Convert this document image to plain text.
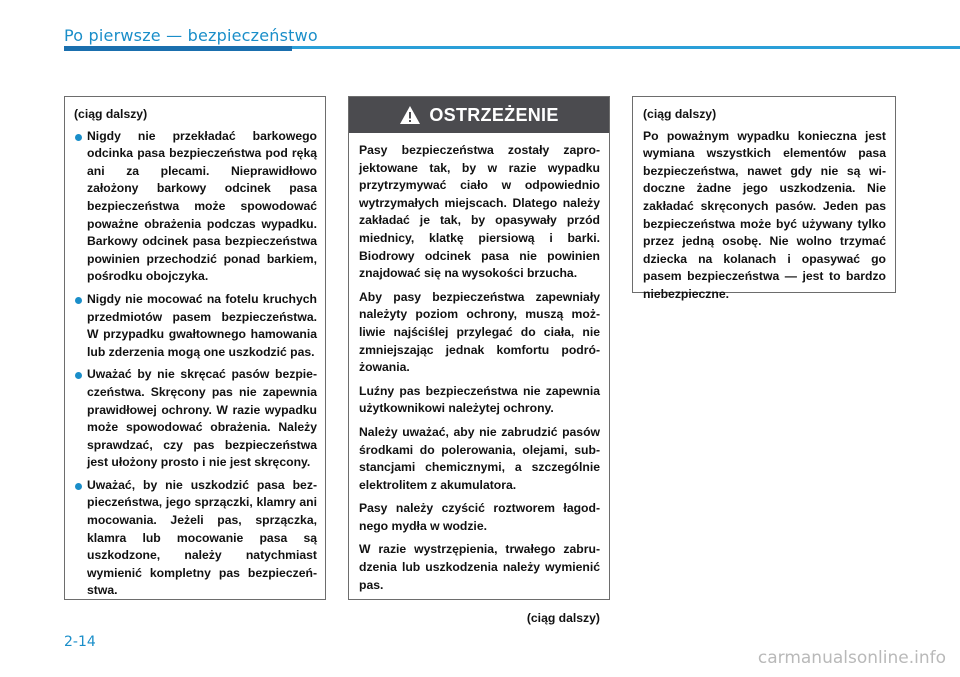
Po pierwsze — bezpieczeństwo

(ciąg dalszy)

Nigdy nie przekładać barkowego odcinka pasa bezpieczeństwa pod ręką ani za plecami. Nieprawidłowo założony barkowy odcinek pasa bezpieczeństwa może spowodować poważne obrażenia podczas wypadku. Barkowy odcinek pasa bezpieczeństwa powinien przechodzić ponad barkiem, pośrodku obojczyka.
Nigdy nie mocować na fotelu kruchych przedmiotów pasem bezpieczeństwa. W przypadku gwałtownego hamowania lub zderzenia mogą one uszkodzić pas.
Uważać by nie skręcać pasów bezpieczeństwa. Skręcony pas nie zapewnia prawidłowej ochrony. W razie wypadku może spowodować obrażenia. Należy sprawdzać, czy pas bezpieczeństwa jest ułożony prosto i nie jest skręcony.
Uważać, by nie uszkodzić pasa bezpieczeństwa, jego sprzączki, klamry ani mocowania. Jeżeli pas, sprzączka, klamra lub mocowanie pasa są uszkodzone, należy natychmiast wymienić kompletny pas bezpieczeństwa.
OSTRZEŻENIE

Pasy bezpieczeństwa zostały zaprojektowane tak, by w razie wypadku przytrzymywać ciało w odpowiednio wytrzymałych miejscach. Dlatego należy zakładać je tak, by opasywały przód miednicy, klatkę piersiową i barki. Biodrowy odcinek pasa nie powinien znajdować się na wysokości brzucha.

Aby pasy bezpieczeństwa zapewniały należyty poziom ochrony, muszą możliwie najściślej przylegać do ciała, nie zmniejszając jednak komfortu podróżowania.

Luźny pas bezpieczeństwa nie zapewnia użytkownikowi należytej ochrony.

Należy uważać, aby nie zabrudzić pasów środkami do polerowania, olejami, substancjami chemicznymi, a szczególnie elektrolitem z akumulatora.

Pasy należy czyścić roztworem łagodnego mydła w wodzie.

W razie wystrzępienia, trwałego zabrudzenia lub uszkodzenia należy wymienić pas.

(ciąg dalszy)

(ciąg dalszy)

Po poważnym wypadku konieczna jest wymiana wszystkich elementów pasa bezpieczeństwa, nawet gdy nie są widoczne żadne jego uszkodzenia. Nie zakładać skręconych pasów. Jeden pas bezpieczeństwa może być używany tylko przez jedną osobę. Nie wolno trzymać dziecka na kolanach i opasywać go pasem bezpieczeństwa — jest to bardzo niebezpieczne.

2-14
carmanualsonline.info
